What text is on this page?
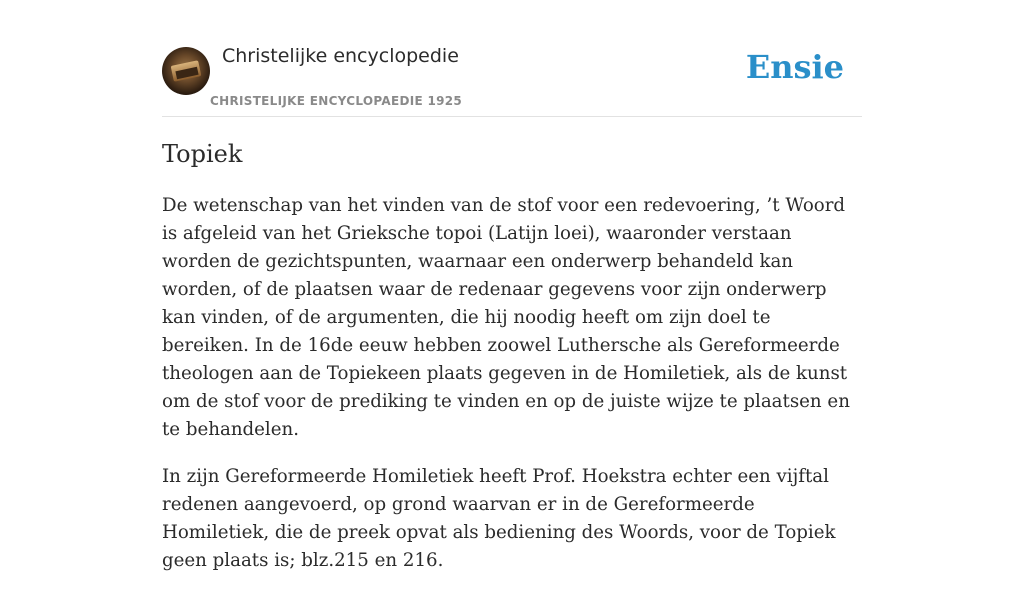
Christelijke encyclopedie
CHRISTELIJKE ENCYCLOPAEDIE 1925
Ensie
Topiek

De wetenschap van het vinden van de stof voor een redevoering, ’t Woord is afgeleid van het Grieksche topoi (Latijn loei), waaronder verstaan worden de gezichtspunten, waarnaar een onderwerp behandeld kan worden, of de plaatsen waar de redenaar gegevens voor zijn onderwerp kan vinden, of de argumenten, die hij noodig heeft om zijn doel te bereiken. In de 16de eeuw hebben zoowel Luthersche als Gereformeerde theologen aan de Topiekeen plaats gegeven in de Homiletiek, als de kunst om de stof voor de prediking te vinden en op de juiste wijze te plaatsen en te behandelen.

In zijn Gereformeerde Homiletiek heeft Prof. Hoekstra echter een vijftal redenen aangevoerd, op grond waarvan er in de Gereformeerde Homiletiek, die de preek opvat als bediening des Woords, voor de Topiek geen plaats is; blz.215 en 216.
